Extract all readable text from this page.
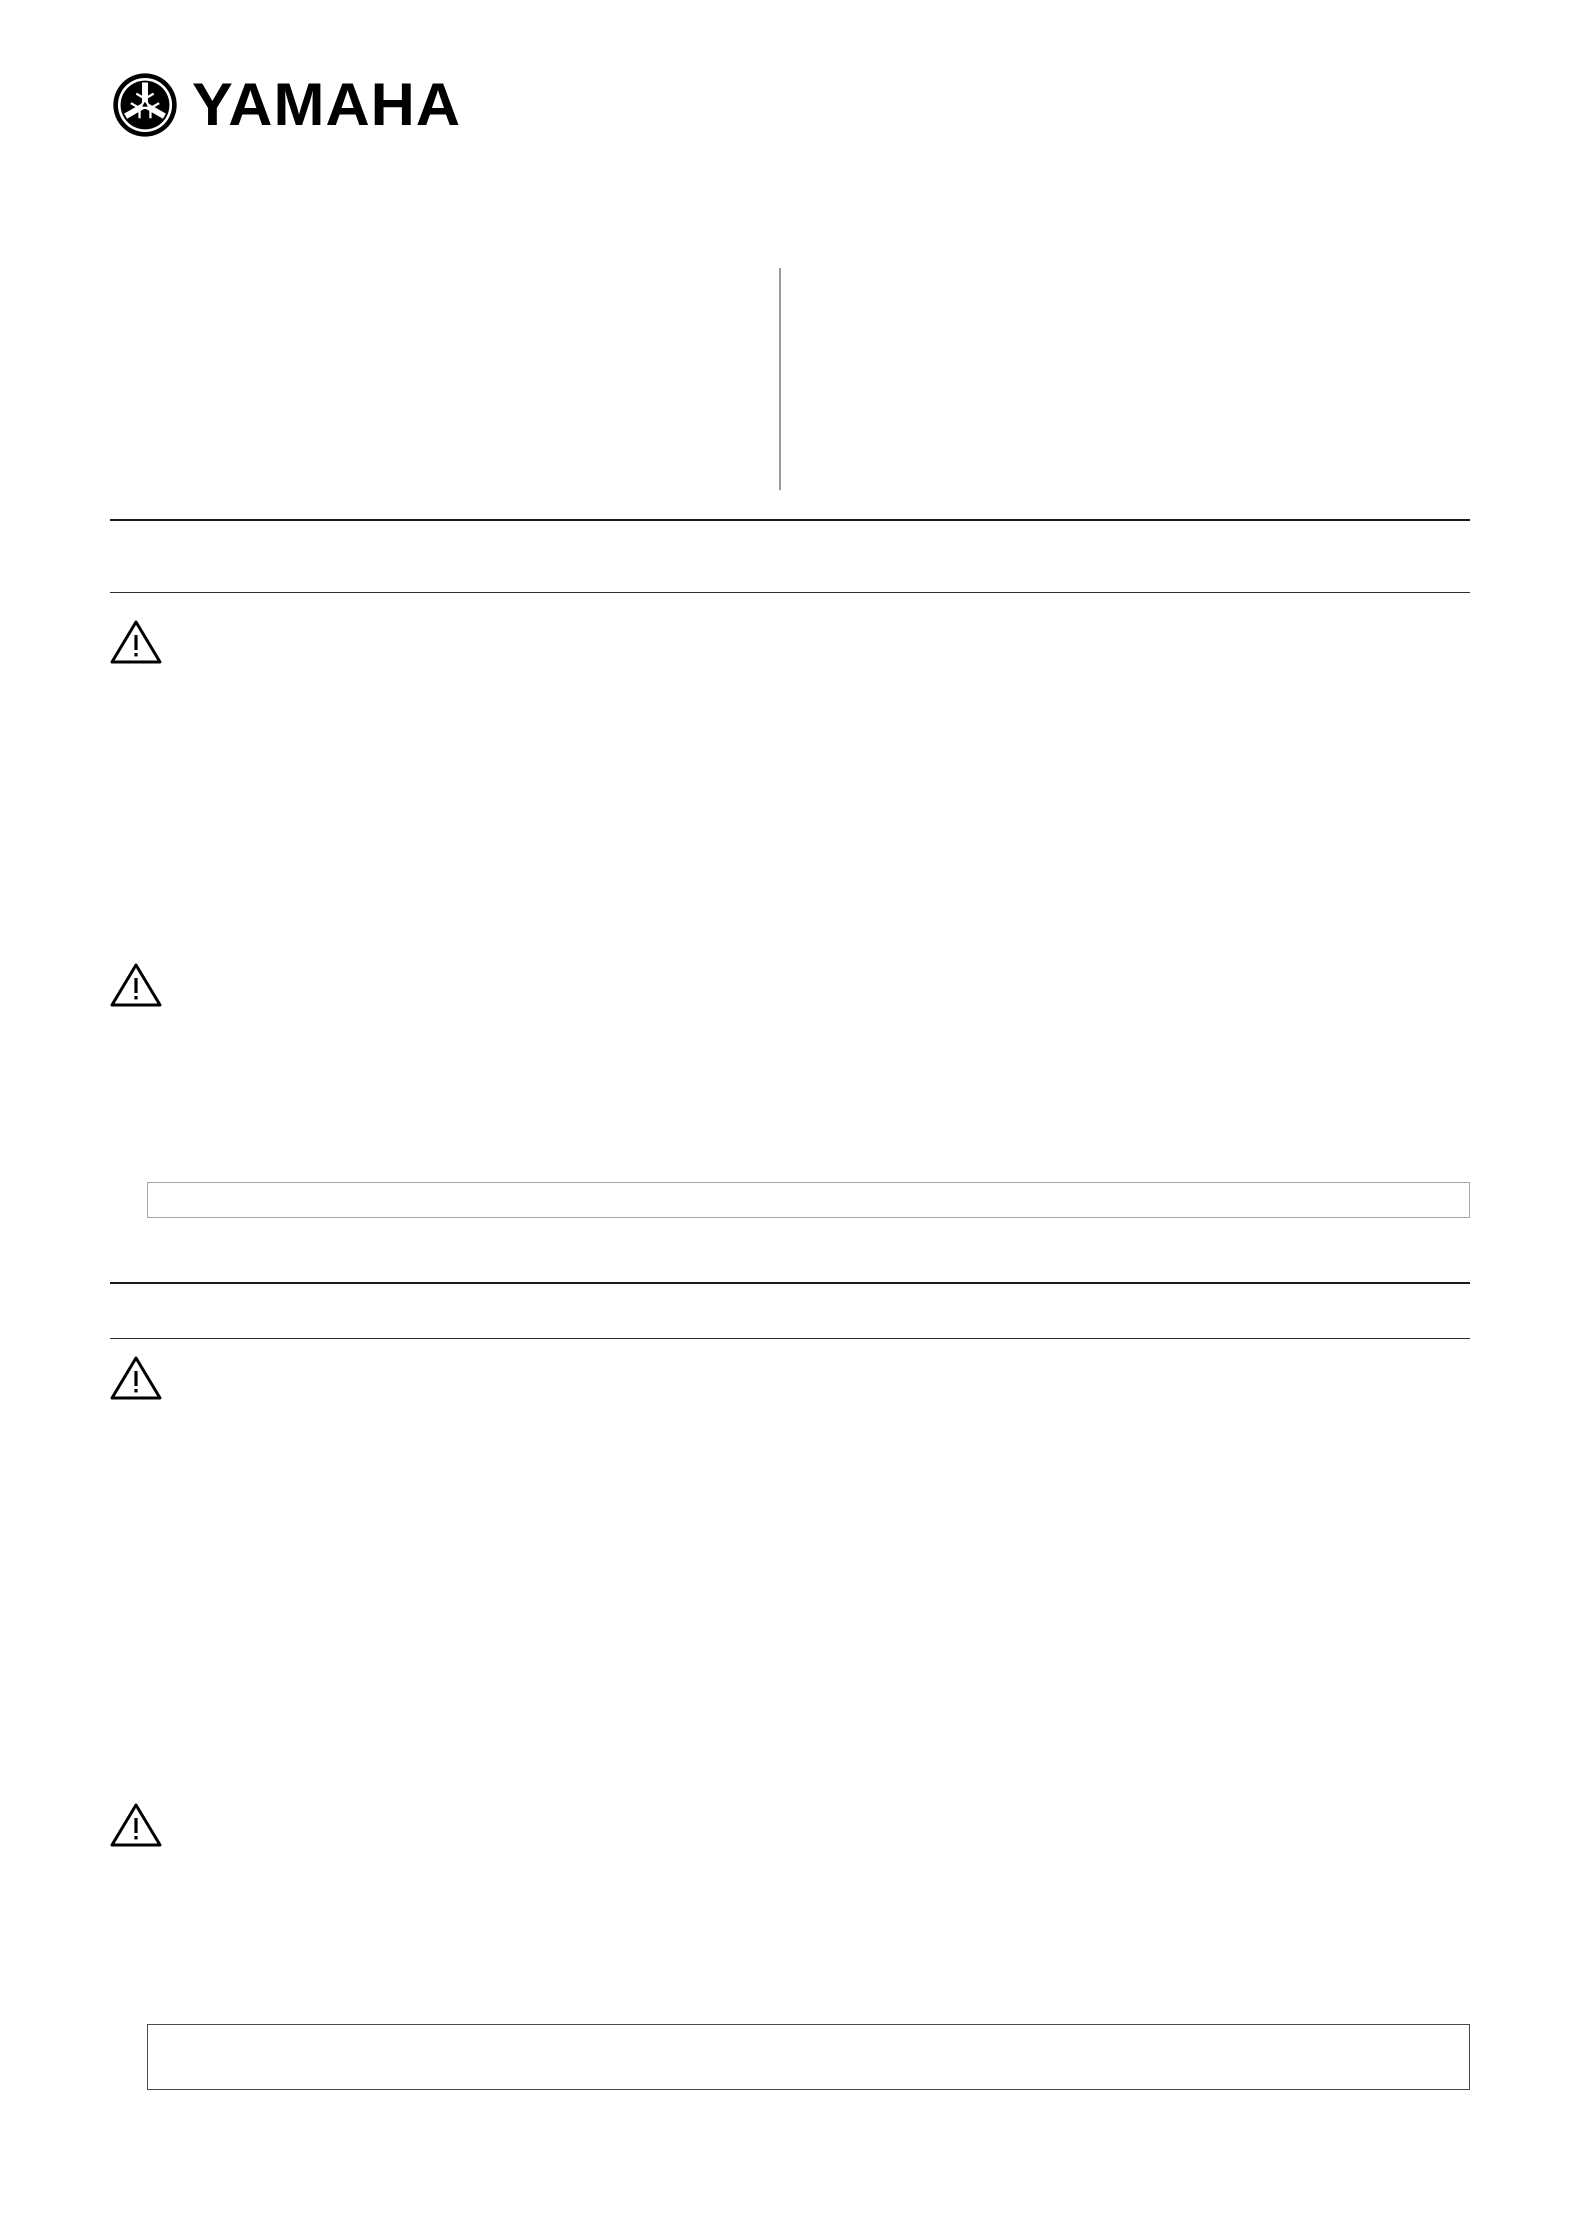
YAMAHA
